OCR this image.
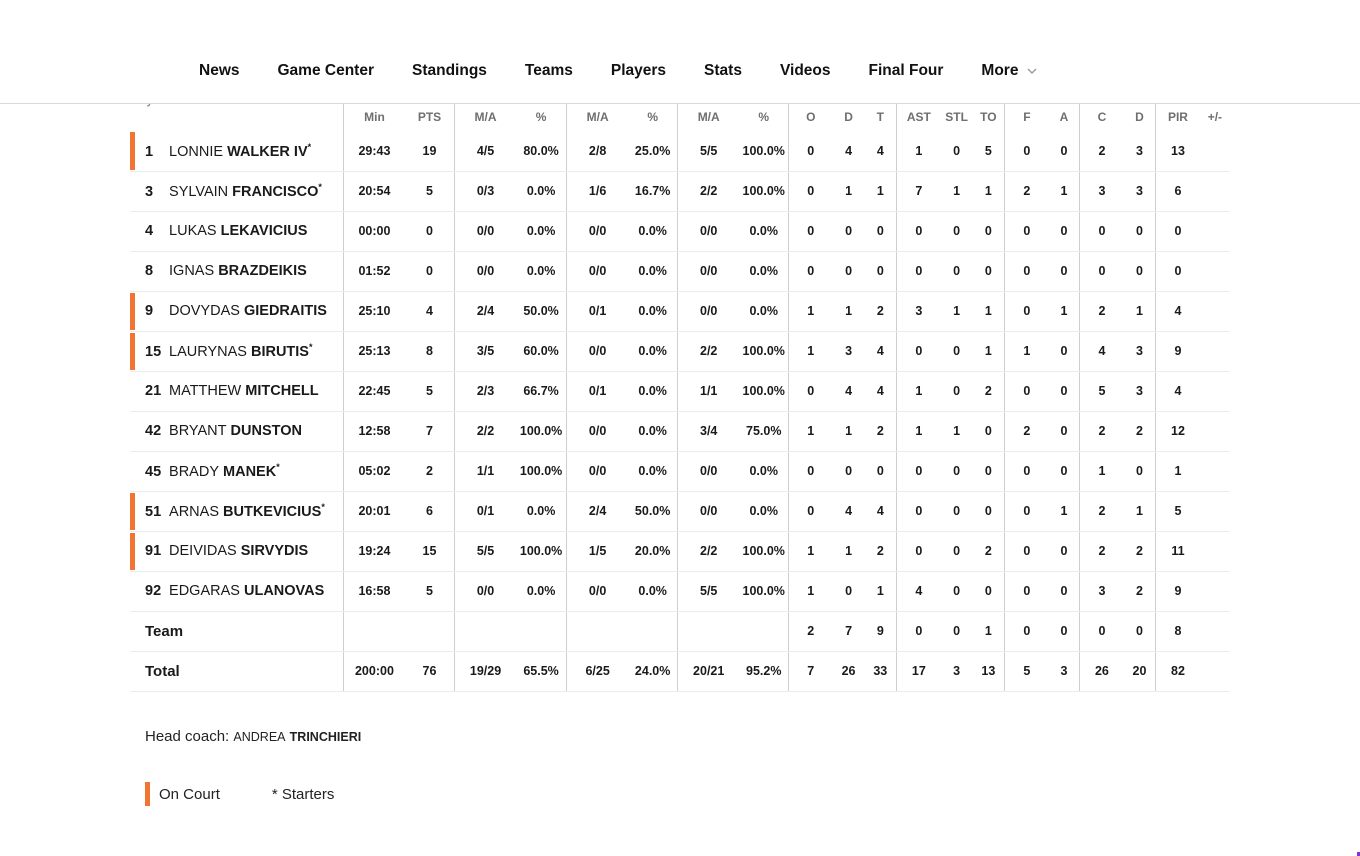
	Min	PTS	M/A	%	M/A	%	M/A	%	O	D	T	AST	STL	TO	F	A	C	D	PIR	+/-

1 LONNIE WALKER IV*	29:43	19	4/5	80.0%	2/8	25.0%	5/5	100.0%	0	4	4	1	0	5	0	0	2	3	13	
3 SYLVAIN FRANCISCO*	20:54	5	0/3	0.0%	1/6	16.7%	2/2	100.0%	0	1	1	7	1	1	2	1	3	3	6	
4 LUKAS LEKAVICIUS	00:00	0	0/0	0.0%	0/0	0.0%	0/0	0.0%	0	0	0	0	0	0	0	0	0	0	0	
8 IGNAS BRAZDEIKIS	01:52	0	0/0	0.0%	0/0	0.0%	0/0	0.0%	0	0	0	0	0	0	0	0	0	0	0	

9 DOVYDAS GIEDRAITIS	25:10	4	2/4	50.0%	0/1	0.0%	0/0	0.0%	1	1	2	3	1	1	0	1	2	1	4	

15 LAURYNAS BIRUTIS*	25:13	8	3/5	60.0%	0/0	0.0%	2/2	100.0%	1	3	4	0	0	1	1	0	4	3	9	
21 MATTHEW MITCHELL	22:45	5	2/3	66.7%	0/1	0.0%	1/1	100.0%	0	4	4	1	0	2	0	0	5	3	4	
42 BRYANT DUNSTON	12:58	7	2/2	100.0%	0/0	0.0%	3/4	75.0%	1	1	2	1	1	0	2	0	2	2	12	
45 BRADY MANEK*	05:02	2	1/1	100.0%	0/0	0.0%	0/0	0.0%	0	0	0	0	0	0	0	0	1	0	1	

51 ARNAS BUTKEVICIUS*	20:01	6	0/1	0.0%	2/4	50.0%	0/0	0.0%	0	4	4	0	0	0	0	1	2	1	5	

91 DEIVIDAS SIRVYDIS	19:24	15	5/5	100.0%	1/5	20.0%	2/2	100.0%	1	1	2	0	0	2	0	0	2	2	11	
92 EDGARAS ULANOVAS	16:58	5	0/0	0.0%	0/0	0.0%	5/5	100.0%	1	0	1	4	0	0	0	0	3	2	9	
Team									2	7	9	0	0	1	0	0	0	0	8	
Total	200:00	76	19/29	65.5%	6/25	24.0%	20/21	95.2%	7	26	33	17	3	13	5	3	26	20	82	
News Game Center Standings Teams Players Stats Videos Final Four More
Head coach: ANDREA TRINCHIERI
On Court	* Starters
